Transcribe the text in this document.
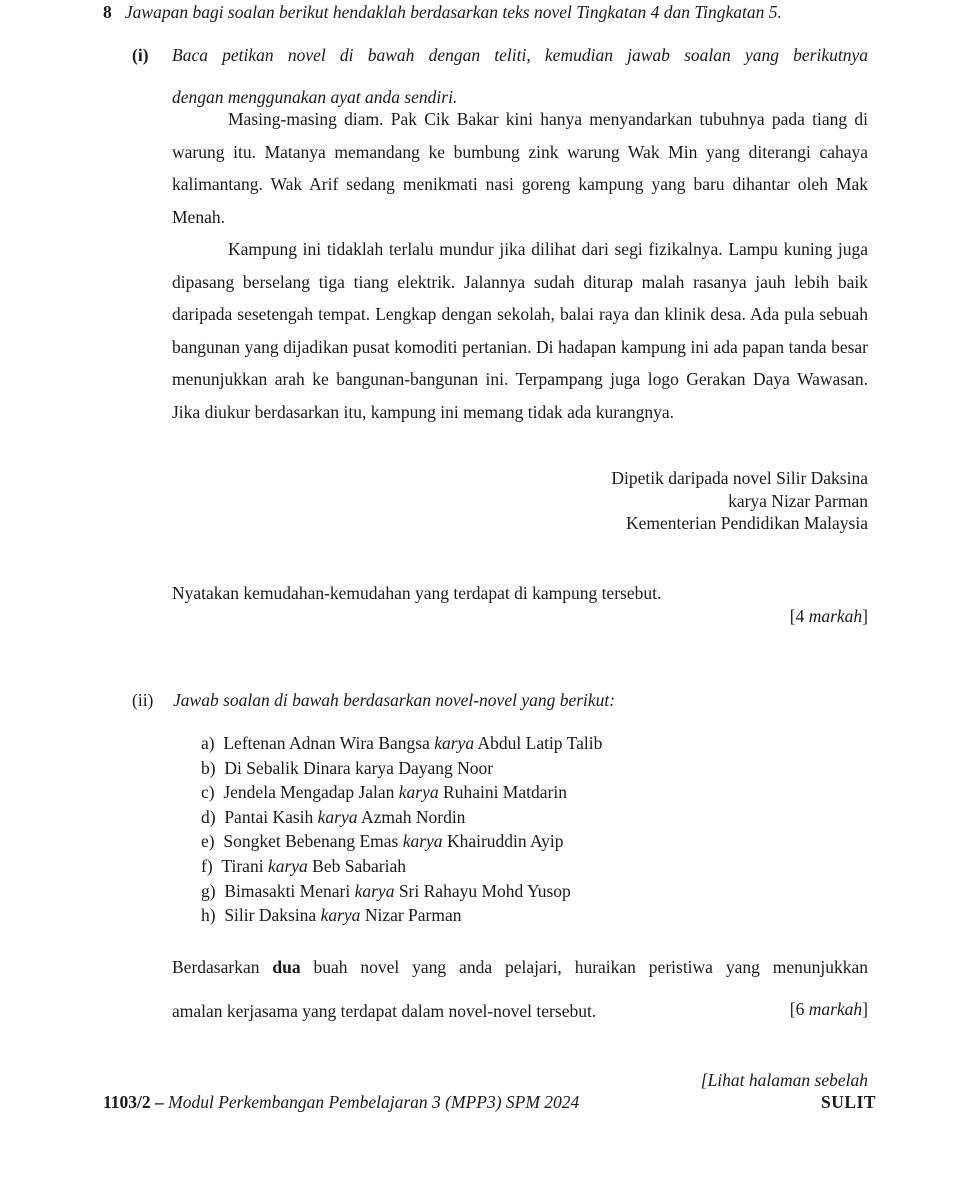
8 Jawapan bagi soalan berikut hendaklah berdasarkan teks novel Tingkatan 4 dan Tingkatan 5.
(i) Baca petikan novel di bawah dengan teliti, kemudian jawab soalan yang berikutnya
dengan menggunakan ayat anda sendiri.

Masing-masing diam. Pak Cik Bakar kini hanya menyandarkan tubuhnya pada tiang di warung itu. Matanya memandang ke bumbung zink warung Wak Min yang diterangi cahaya kalimantang. Wak Arif sedang menikmati nasi goreng kampung yang baru dihantar oleh Mak Menah.

Kampung ini tidaklah terlalu mundur jika dilihat dari segi fizikalnya. Lampu kuning juga dipasang berselang tiga tiang elektrik. Jalannya sudah diturap malah rasanya jauh lebih baik daripada sesetengah tempat. Lengkap dengan sekolah, balai raya dan klinik desa. Ada pula sebuah bangunan yang dijadikan pusat komoditi pertanian. Di hadapan kampung ini ada papan tanda besar menunjukkan arah ke bangunan-bangunan ini. Terpampang juga logo Gerakan Daya Wawasan. Jika diukur berdasarkan itu, kampung ini memang tidak ada kurangnya.

Dipetik daripada novel Silir Daksina
karya Nizar Parman
Kementerian Pendidikan Malaysia
Nyatakan kemudahan-kemudahan yang terdapat di kampung tersebut.
[4 markah]
(ii) Jawab soalan di bawah berdasarkan novel-novel yang berikut:
a) Leftenan Adnan Wira Bangsa karya Abdul Latip Talib
b) Di Sebalik Dinara karya Dayang Noor
c) Jendela Mengadap Jalan karya Ruhaini Matdarin
d) Pantai Kasih karya Azmah Nordin
e) Songket Bebenang Emas karya Khairuddin Ayip
f) Tirani karya Beb Sabariah
g) Bimasakti Menari karya Sri Rahayu Mohd Yusop
h) Silir Daksina karya Nizar Parman
Berdasarkan dua buah novel yang anda pelajari, huraikan peristiwa yang menunjukkan
amalan kerjasama yang terdapat dalam novel-novel tersebut.	[6 markah]
[Lihat halaman sebelah
1103/2 – Modul Perkembangan Pembelajaran 3 (MPP3) SPM 2024	SULIT
